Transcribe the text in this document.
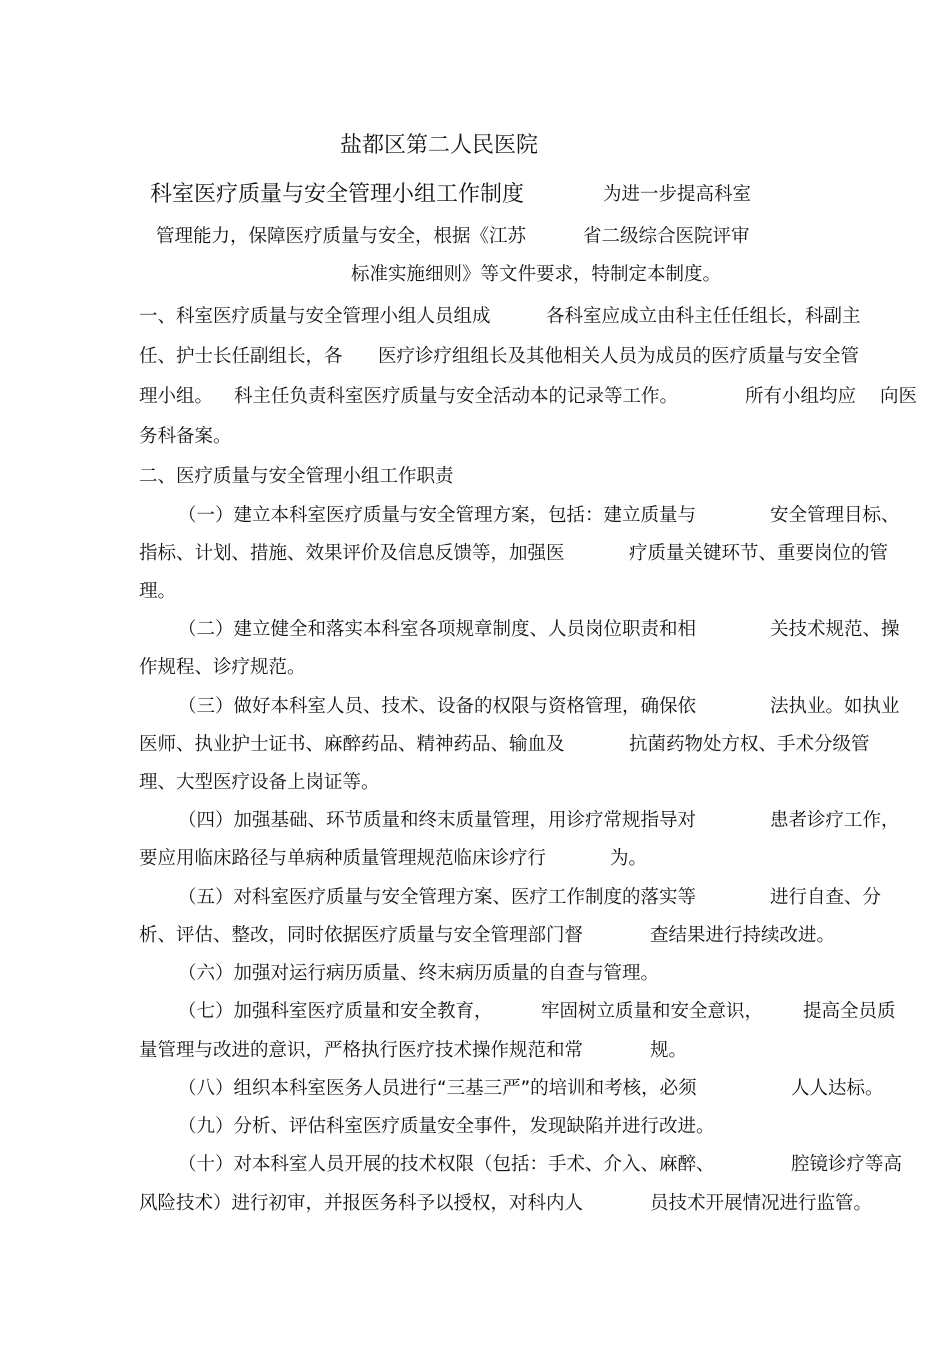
盐都区第二人民医院
科室医疗质量与安全管理小组工作制度	为进一步提高科室
管理能力，保障医疗质量与安全，根据《江苏	省二级综合医院评审
标准实施细则》等文件要求，特制定本制度。
一、科室医疗质量与安全管理小组人员组成	各科室应成立由科主任任组长，科副主
任、护士长任副组长，各 医疗诊疗组组长及其他相关人员为成员的医疗质量与安全管
理小组。 科主任负责科室医疗质量与安全活动本的记录等工作。	所有小组均应 向医
务科备案。
二、医疗质量与安全管理小组工作职责
（一）建立本科室医疗质量与安全管理方案，包括：建立质量与	安全管理目标、
指标、计划、措施、效果评价及信息反馈等，加强医	疗质量关键环节、重要岗位的管
理。
（二）建立健全和落实本科室各项规章制度、人员岗位职责和相	关技术规范、操
作规程、诊疗规范。
（三）做好本科室人员、技术、设备的权限与资格管理，确保依	法执业。如执业
医师、执业护士证书、麻醉药品、精神药品、输血及	抗菌药物处方权、手术分级管
理、大型医疗设备上岗证等。
（四）加强基础、环节质量和终末质量管理，用诊疗常规指导对	患者诊疗工作，
要应用临床路径与单病种质量管理规范临床诊疗行	为。
（五）对科室医疗质量与安全管理方案、医疗工作制度的落实等	进行自查、分
析、评估、整改，同时依据医疗质量与安全管理部门督	查结果进行持续改进。
（六）加强对运行病历质量、终末病历质量的自查与管理。
（七）加强科室医疗质量和安全教育，	牢固树立质量和安全意识， 提高全员质
量管理与改进的意识，严格执行医疗技术操作规范和常	规。
（八）组织本科室医务人员进行“三基三严”的培训和考核，必须	人人达标。
（九）分析、评估科室医疗质量安全事件，发现缺陷并进行改进。
（十）对本科室人员开展的技术权限（包括：手术、介入、麻醉、	腔镜诊疗等高
风险技术）进行初审，并报医务科予以授权，对科内人	员技术开展情况进行监管。
